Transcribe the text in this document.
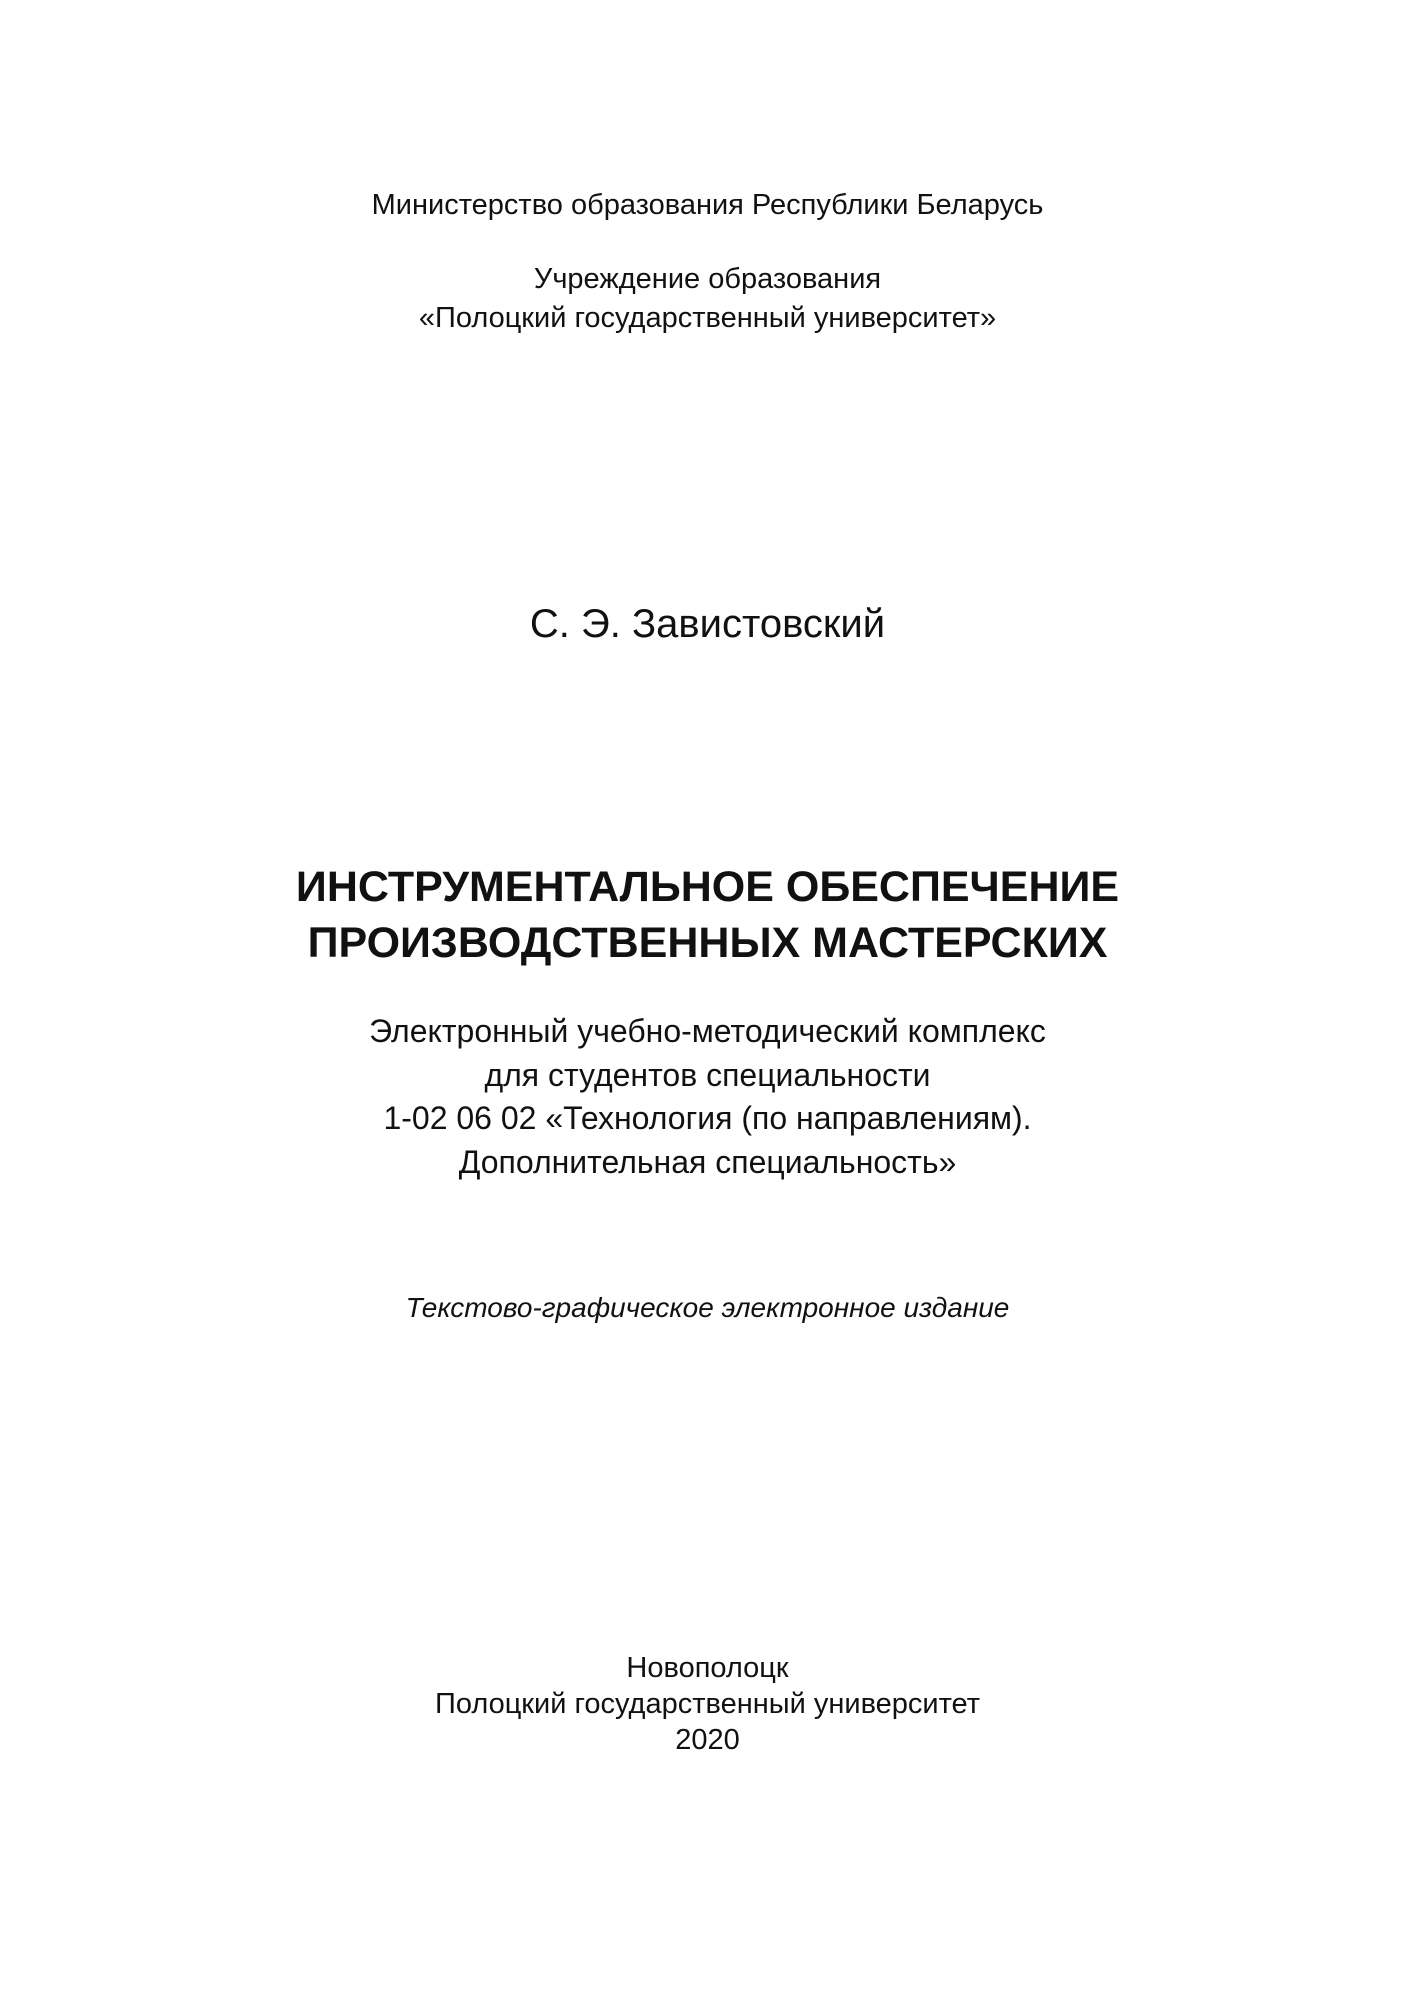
Министерство образования Республики Беларусь
Учреждение образования
«Полоцкий государственный университет»
С. Э. Завистовский
ИНСТРУМЕНТАЛЬНОЕ ОБЕСПЕЧЕНИЕ
ПРОИЗВОДСТВЕННЫХ МАСТЕРСКИХ
Электронный учебно-методический комплекс
для студентов специальности
1-02 06 02 «Технология (по направлениям).
Дополнительная специальность»
Текстово-графическое электронное издание
Новополоцк
Полоцкий государственный университет
2020
